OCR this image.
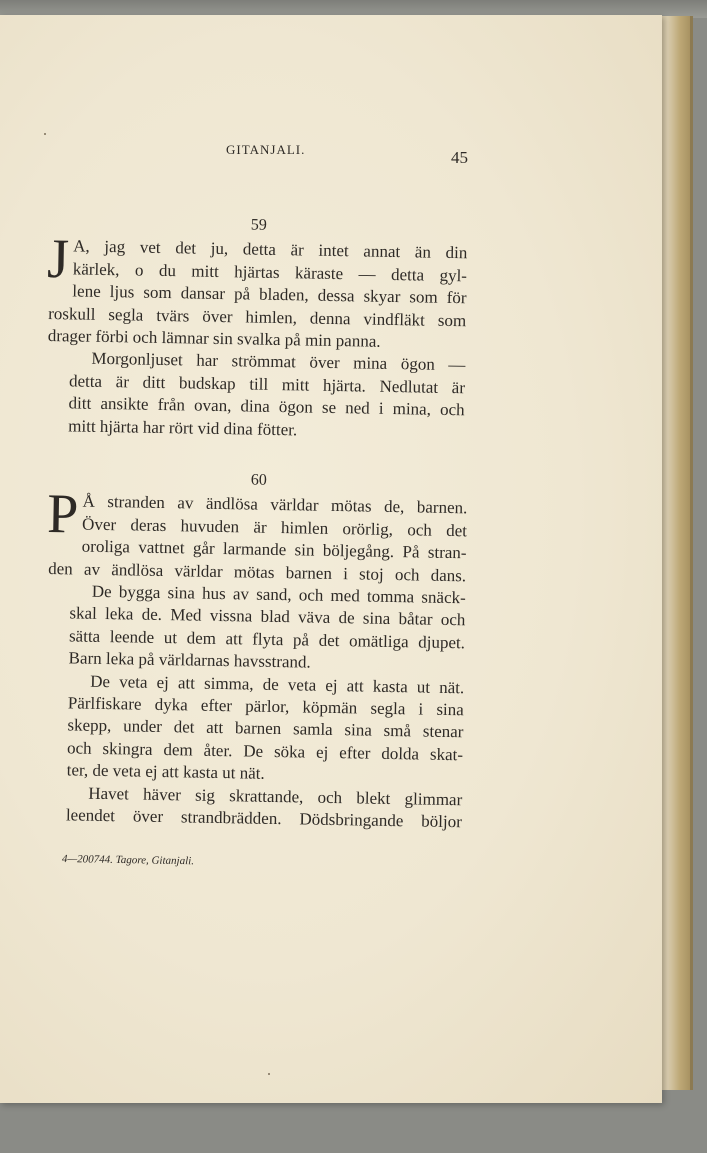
GITANJALI.	45
59
J A, jag vet det ju, detta är intet annat än din
kärlek, o du mitt hjärtas käraste — detta gyl-
lene ljus som dansar på bladen, dessa skyar som för
roskull segla tvärs över himlen, denna vindfläkt som
drager förbi och lämnar sin svalka på min panna.
Morgonljuset har strömmat över mina ögon —
detta är ditt budskap till mitt hjärta. Nedlutat är
ditt ansikte från ovan, dina ögon se ned i mina, och
mitt hjärta har rört vid dina fötter.
60
P Å stranden av ändlösa världar mötas de, barnen.
Över deras huvuden är himlen orörlig, och det
oroliga vattnet går larmande sin böljegång. På stran-
den av ändlösa världar mötas barnen i stoj och dans.
De bygga sina hus av sand, och med tomma snäck-
skal leka de. Med vissna blad väva de sina båtar och
sätta leende ut dem att flyta på det omätliga djupet.
Barn leka på världarnas havsstrand.
De veta ej att simma, de veta ej att kasta ut nät.
Pärlfiskare dyka efter pärlor, köpmän segla i sina
skepp, under det att barnen samla sina små stenar
och skingra dem åter. De söka ej efter dolda skat-
ter, de veta ej att kasta ut nät.
Havet häver sig skrattande, och blekt glimmar
leendet över strandbrädden. Dödsbringande böljor
4—200744. Tagore, Gitanjali.
